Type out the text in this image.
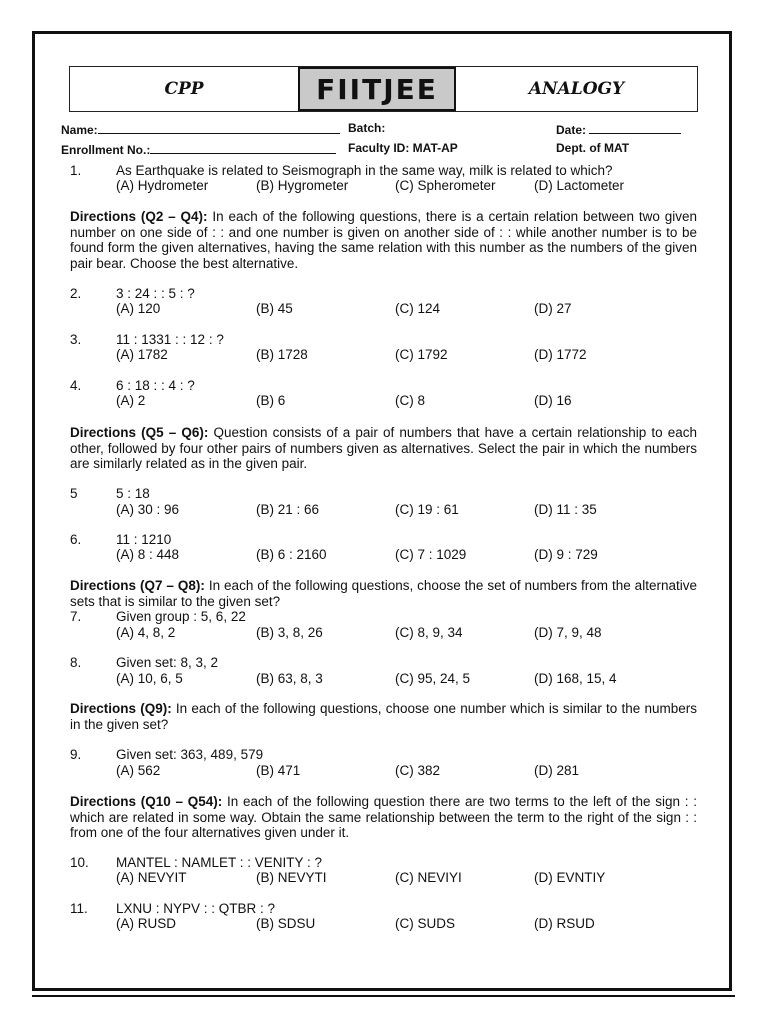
CPP	FIITJEE	ANALOGY
Name:	Batch:	Date:
Enrollment No.:	Faculty ID: MAT-AP	Dept. of MAT
1.	As Earthquake is related to Seismograph in the same way, milk is related to which?
(A) Hydrometer	(B) Hygrometer	(C) Spherometer	(D) Lactometer
Directions (Q2 – Q4): In each of the following questions, there is a certain relation between two given number on one side of : : and one number is given on another side of : : while another number is to be found form the given alternatives, having the same relation with this number as the numbers of the given pair bear. Choose the best alternative.
2.	3 : 24 : : 5 : ?
(A) 120	(B) 45	(C) 124	(D) 27
3.	11 : 1331 : : 12 : ?
(A) 1782	(B) 1728	(C) 1792	(D) 1772
4.	6 : 18 : : 4 : ?
(A) 2	(B) 6	(C) 8	(D) 16
Directions (Q5 – Q6): Question consists of a pair of numbers that have a certain relationship to each other, followed by four other pairs of numbers given as alternatives. Select the pair in which the numbers are similarly related as in the given pair.
5	5 : 18
(A) 30 : 96	(B) 21 : 66	(C) 19 : 61	(D) 11 : 35
6.	11 : 1210
(A) 8 : 448	(B) 6 : 2160	(C) 7 : 1029	(D) 9 : 729
Directions (Q7 – Q8): In each of the following questions, choose the set of numbers from the alternative sets that is similar to the given set?
7.	Given group : 5, 6, 22
(A) 4, 8, 2	(B) 3, 8, 26	(C) 8, 9, 34	(D) 7, 9, 48
8.	Given set: 8, 3, 2
(A) 10, 6, 5	(B) 63, 8, 3	(C) 95, 24, 5	(D) 168, 15, 4
Directions (Q9): In each of the following questions, choose one number which is similar to the numbers in the given set?
9.	Given set: 363, 489, 579
(A) 562	(B) 471	(C) 382	(D) 281
Directions (Q10 – Q54): In each of the following question there are two terms to the left of the sign : : which are related in some way. Obtain the same relationship between the term to the right of the sign : : from one of the four alternatives given under it.
10. MANTEL : NAMLET : : VENITY : ?
(A) NEVYIT	(B) NEVYTI	(C) NEVIYI	(D) EVNTIY
11. LXNU : NYPV : : QTBR : ?
(A) RUSD	(B) SDSU	(C) SUDS	(D) RSUD
